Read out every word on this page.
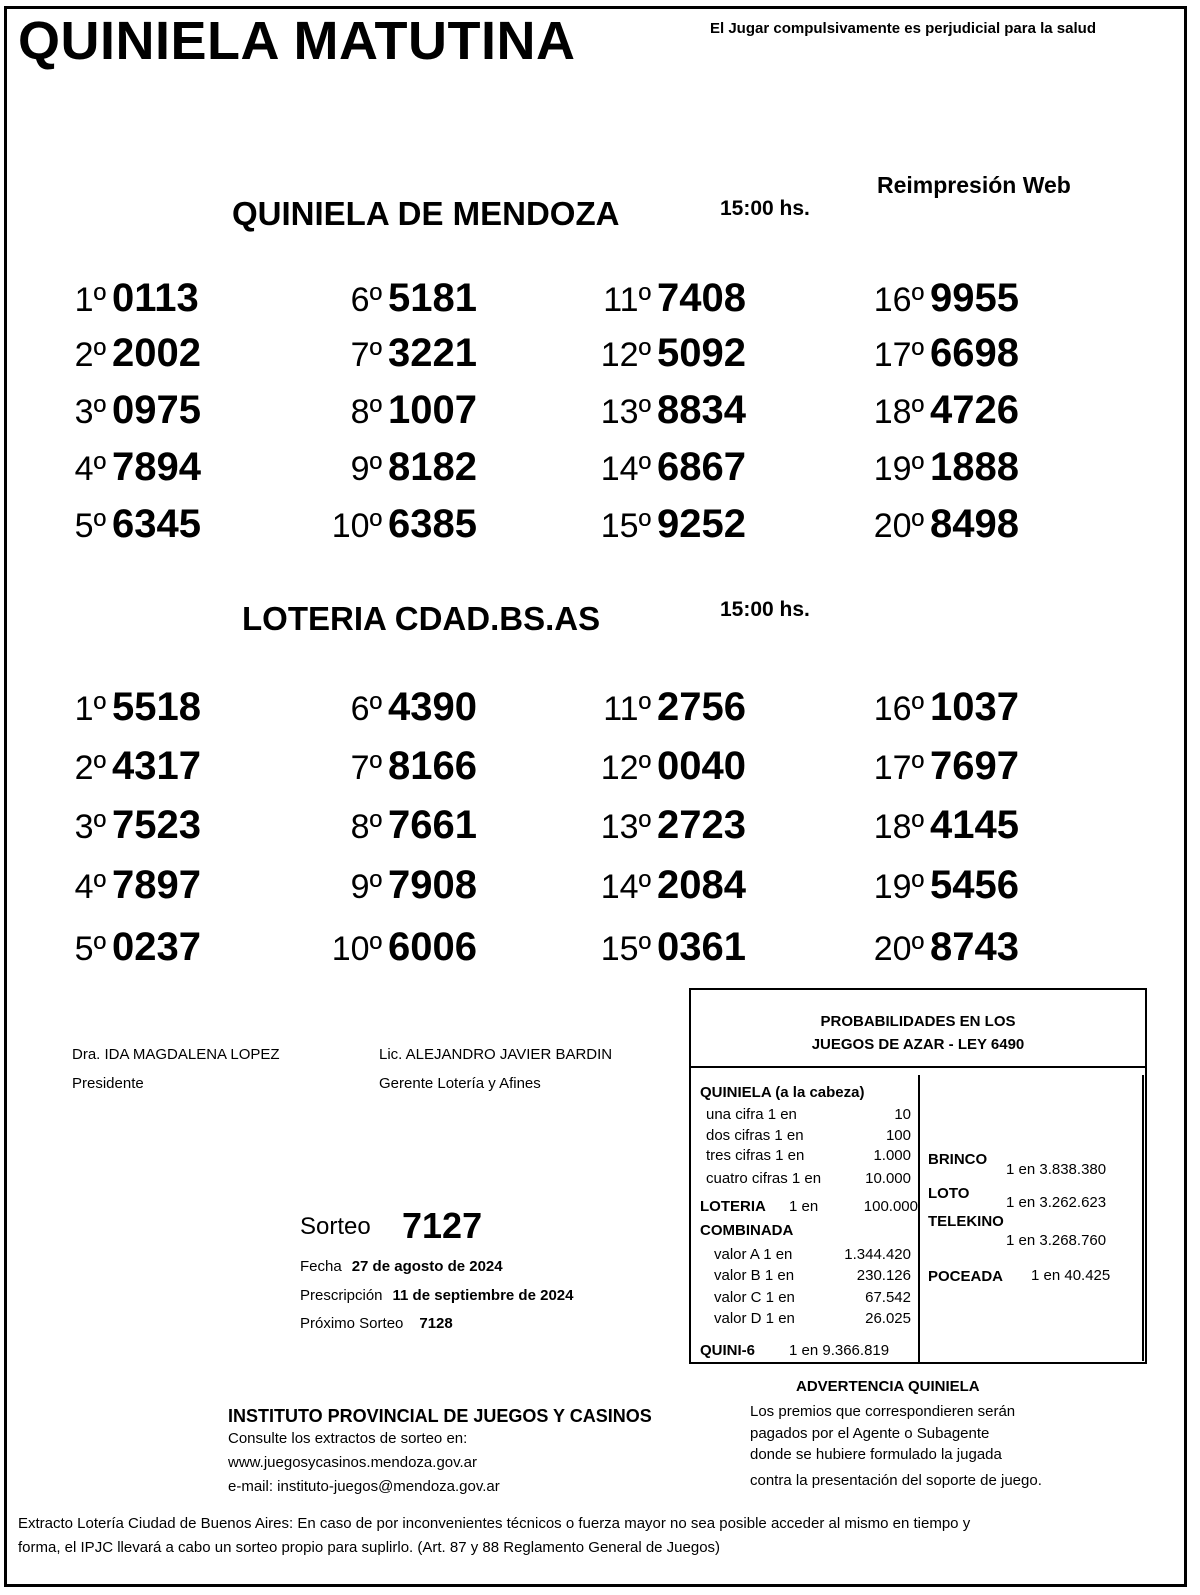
QUINIELA MATUTINA	El Jugar compulsivamente es perjudicial para la salud
Reimpresión Web
QUINIELA DE MENDOZA	15:00 hs.
1º 0113
2º 2002
3º 0975
4º 7894
5º 6345
6º 5181
7º 3221
8º 1007
9º 8182
10º 6385
11º 7408
12º 5092
13º 8834
14º 6867
15º 9252
16º 9955
17º 6698
18º 4726
19º 1888
20º 8498
LOTERIA CDAD.BS.AS	15:00 hs.
1º 5518
2º 4317
3º 7523
4º 7897
5º 0237
6º 4390
7º 8166
8º 7661
9º 7908
10º 6006
11º 2756
12º 0040
13º 2723
14º 2084
15º 0361
16º 1037
17º 7697
18º 4145
19º 5456
20º 8743
Dra. IDA MAGDALENA LOPEZ
Presidente
Lic. ALEJANDRO JAVIER BARDIN
Gerente Lotería y Afines
Sorteo 7127
Fecha 27 de agosto de 2024
Prescripción 11 de septiembre de 2024
Próximo Sorteo 7128
PROBABILIDADES EN LOS
JUEGOS DE AZAR - LEY 6490
QUINIELA (a la cabeza)
una cifra 1 en	10
dos cifras 1 en	100
tres cifras 1 en	1.000
cuatro cifras 1 en	10.000
LOTERIA 1 en	100.000
COMBINADA
valor A 1 en	1.344.420
valor B 1 en	230.126
valor C 1 en	67.542
valor D 1 en	26.025
QUINI-6 1 en 9.366.819
BRINCO
1 en 3.838.380
LOTO
1 en 3.262.623
TELEKINO
1 en 3.268.760
POCEADA 1 en 40.425
INSTITUTO PROVINCIAL DE JUEGOS Y CASINOS
Consulte los extractos de sorteo en:
www.juegosycasinos.mendoza.gov.ar
e-mail: instituto-juegos@mendoza.gov.ar
ADVERTENCIA QUINIELA
Los premios que correspondieren serán
pagados por el Agente o Subagente
donde se hubiere formulado la jugada
contra la presentación del soporte de juego.
Extracto Lotería Ciudad de Buenos Aires: En caso de por inconvenientes técnicos o fuerza mayor no sea posible acceder al mismo en tiempo y
forma, el IPJC llevará a cabo un sorteo propio para suplirlo. (Art. 87 y 88 Reglamento General de Juegos)
